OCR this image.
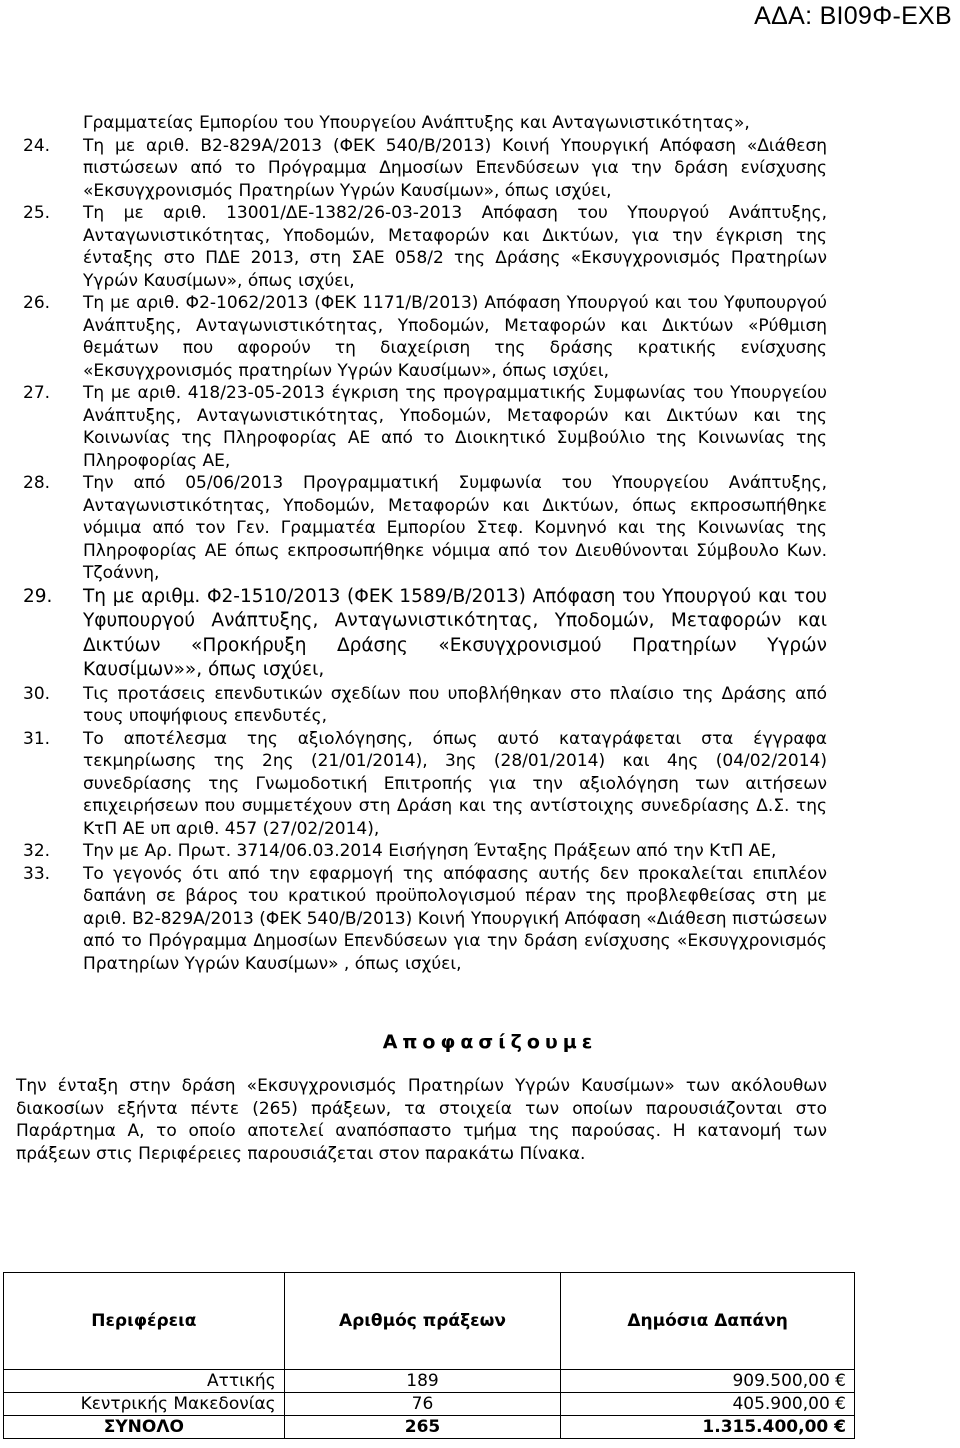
ΑΔΑ: ΒΙ09Φ-ΕΧΒ
Γραμματείας Εμπορίου του Υπουργείου Ανάπτυξης και Ανταγωνιστικότητας»,
24. Τη με αριθ. Β2-829Α/2013 (ΦΕΚ 540/Β/2013) Κοινή Υπουργική Απόφαση «Διάθεση πιστώσεων από το Πρόγραμμα Δημοσίων Επενδύσεων για την δράση ενίσχυσης «Εκσυγχρονισμός Πρατηρίων Υγρών Καυσίμων», όπως ισχύει,
25. Τη με αριθ. 13001/ΔΕ-1382/26-03-2013 Απόφαση του Υπουργού Ανάπτυξης, Ανταγωνιστικότητας, Υποδομών, Μεταφορών και Δικτύων, για την έγκριση της ένταξης στο ΠΔΕ 2013, στη ΣΑΕ 058/2 της Δράσης «Εκσυγχρονισμός Πρατηρίων Υγρών Καυσίμων», όπως ισχύει,
26. Τη με αριθ. Φ2-1062/2013 (ΦΕΚ 1171/Β/2013) Απόφαση Υπουργού και του Υφυπουργού Ανάπτυξης, Ανταγωνιστικότητας, Υποδομών, Μεταφορών και Δικτύων «Ρύθμιση θεμάτων που αφορούν τη διαχείριση της δράσης κρατικής ενίσχυσης «Εκσυγχρονισμός πρατηρίων Υγρών Καυσίμων», όπως ισχύει,
27. Τη με αριθ. 418/23-05-2013 έγκριση της προγραμματικής Συμφωνίας του Υπουργείου Ανάπτυξης, Ανταγωνιστικότητας, Υποδομών, Μεταφορών και Δικτύων και της Κοινωνίας της Πληροφορίας ΑΕ από το Διοικητικό Συμβούλιο της Κοινωνίας της Πληροφορίας ΑΕ,
28. Την από 05/06/2013 Προγραμματική Συμφωνία του Υπουργείου Ανάπτυξης, Ανταγωνιστικότητας, Υποδομών, Μεταφορών και Δικτύων, όπως εκπροσωπήθηκε νόμιμα από τον Γεν. Γραμματέα Εμπορίου Στεφ. Κομνηνό και της Κοινωνίας της Πληροφορίας ΑΕ όπως εκπροσωπήθηκε νόμιμα από τον Διευθύνονται Σύμβουλο Κων. Τζοάννη,
29. Τη με αριθμ. Φ2-1510/2013 (ΦΕΚ 1589/Β/2013) Απόφαση του Υπουργού και του Υφυπουργού Ανάπτυξης, Ανταγωνιστικότητας, Υποδομών, Μεταφορών και Δικτύων «Προκήρυξη Δράσης «Εκσυγχρονισμού Πρατηρίων Υγρών Καυσίμων»», όπως ισχύει,
30. Τις προτάσεις επενδυτικών σχεδίων που υποβλήθηκαν στο πλαίσιο της Δράσης από τους υποψήφιους επενδυτές,
31. Το αποτέλεσμα της αξιολόγησης, όπως αυτό καταγράφεται στα έγγραφα τεκμηρίωσης της 2ης (21/01/2014), 3ης (28/01/2014) και 4ης (04/02/2014) συνεδρίασης της Γνωμοδοτική Επιτροπής για την αξιολόγηση των αιτήσεων επιχειρήσεων που συμμετέχουν στη Δράση και της αντίστοιχης συνεδρίασης Δ.Σ. της ΚτΠ ΑΕ υπ αριθ. 457 (27/02/2014),
32. Την με Αρ. Πρωτ. 3714/06.03.2014 Εισήγηση Ένταξης Πράξεων από την ΚτΠ ΑΕ,
33. Το γεγονός ότι από την εφαρμογή της απόφασης αυτής δεν προκαλείται επιπλέον δαπάνη σε βάρος του κρατικού προϋπολογισμού πέραν της προβλεφθείσας στη με αριθ. Β2-829Α/2013 (ΦΕΚ 540/Β/2013) Κοινή Υπουργική Απόφαση «Διάθεση πιστώσεων από το Πρόγραμμα Δημοσίων Επενδύσεων για την δράση ενίσχυσης «Εκσυγχρονισμός Πρατηρίων Υγρών Καυσίμων» , όπως ισχύει,
Αποφασίζουμε
Την ένταξη στην δράση «Εκσυγχρονισμός Πρατηρίων Υγρών Καυσίμων» των ακόλουθων διακοσίων εξήντα πέντε (265) πράξεων, τα στοιχεία των οποίων παρουσιάζονται στο Παράρτημα Α, το οποίο αποτελεί αναπόσπαστο τμήμα της παρούσας. Η κατανομή των πράξεων στις Περιφέρειες παρουσιάζεται στον παρακάτω Πίνακα.
Περιφέρεια	Αριθμός πράξεων	Δημόσια Δαπάνη
Αττικής	189	909.500,00 €
Κεντρικής Μακεδονίας	76	405.900,00 €
ΣΥΝΟΛΟ	265	1.315.400,00 €
